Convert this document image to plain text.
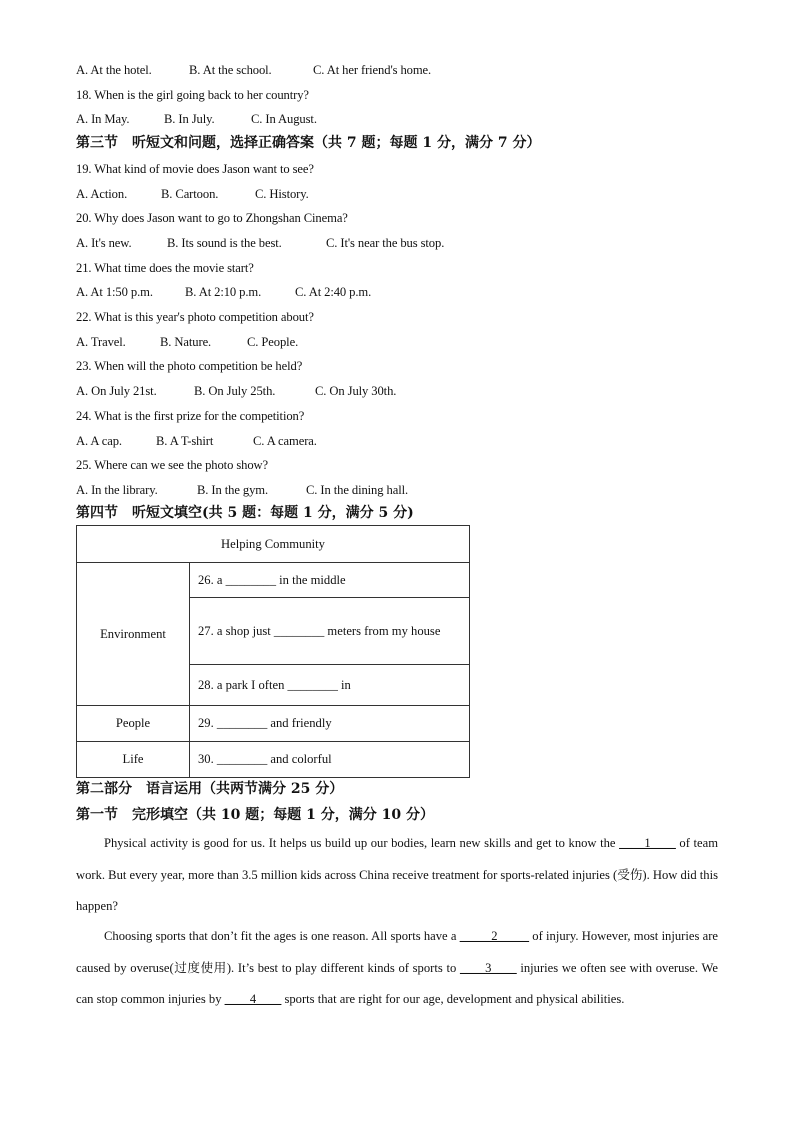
A. At the hotel.	B. At the school.	C. At her friend's home.
18. When is the girl going back to her country?
A. In May.	B. In July.	C. In August.
第三节　听短文和问题，选择正确答案（共 7 题；每题 1 分，满分 7 分）
19. What kind of movie does Jason want to see?
A. Action.	B. Cartoon.	C. History.
20. Why does Jason want to go to Zhongshan Cinema?
A. It's new.	B. Its sound is the best.	C. It's near the bus stop.
21. What time does the movie start?
A. At 1:50 p.m.	B. At 2:10 p.m.	C. At 2:40 p.m.
22. What is this year's photo competition about?
A. Travel.	B. Nature.	C. People.
23. When will the photo competition be held?
A. On July 21st.	B. On July 25th.	C. On July 30th.
24. What is the first prize for the competition?
A. A cap.	B. A T-shirt	C. A camera.
25. Where can we see the photo show?
A. In the library.	B. In the gym.	C. In the dining hall.
第四节　听短文填空(共 5 题：每题 1 分，满分 5 分)
Helping Community	
Environment	26. a ________ in the middle
	27. a shop just ________ meters from my house
	28. a park I often ________ in
People	29. ________ and friendly
Life	30. ________ and colorful
第二部分　语言运用（共两节满分 25 分）
第一节　完形填空（共 10 题；每题 1 分，满分 10 分）
Physical activity is good for us. It helps us build up our bodies, learn new skills and get to know the ____1____ of team work. But every year, more than 3.5 million kids across China receive treatment for sports-related injuries (受伤). How did this happen?
Choosing sports that don’t fit the ages is one reason. All sports have a _____2_____ of injury. However, most injuries are caused by overuse(过度使用). It’s best to play different kinds of sports to ____3____ injuries we often see with overuse. We can stop common injuries by ____4____ sports that are right for our age, development and physical abilities.
